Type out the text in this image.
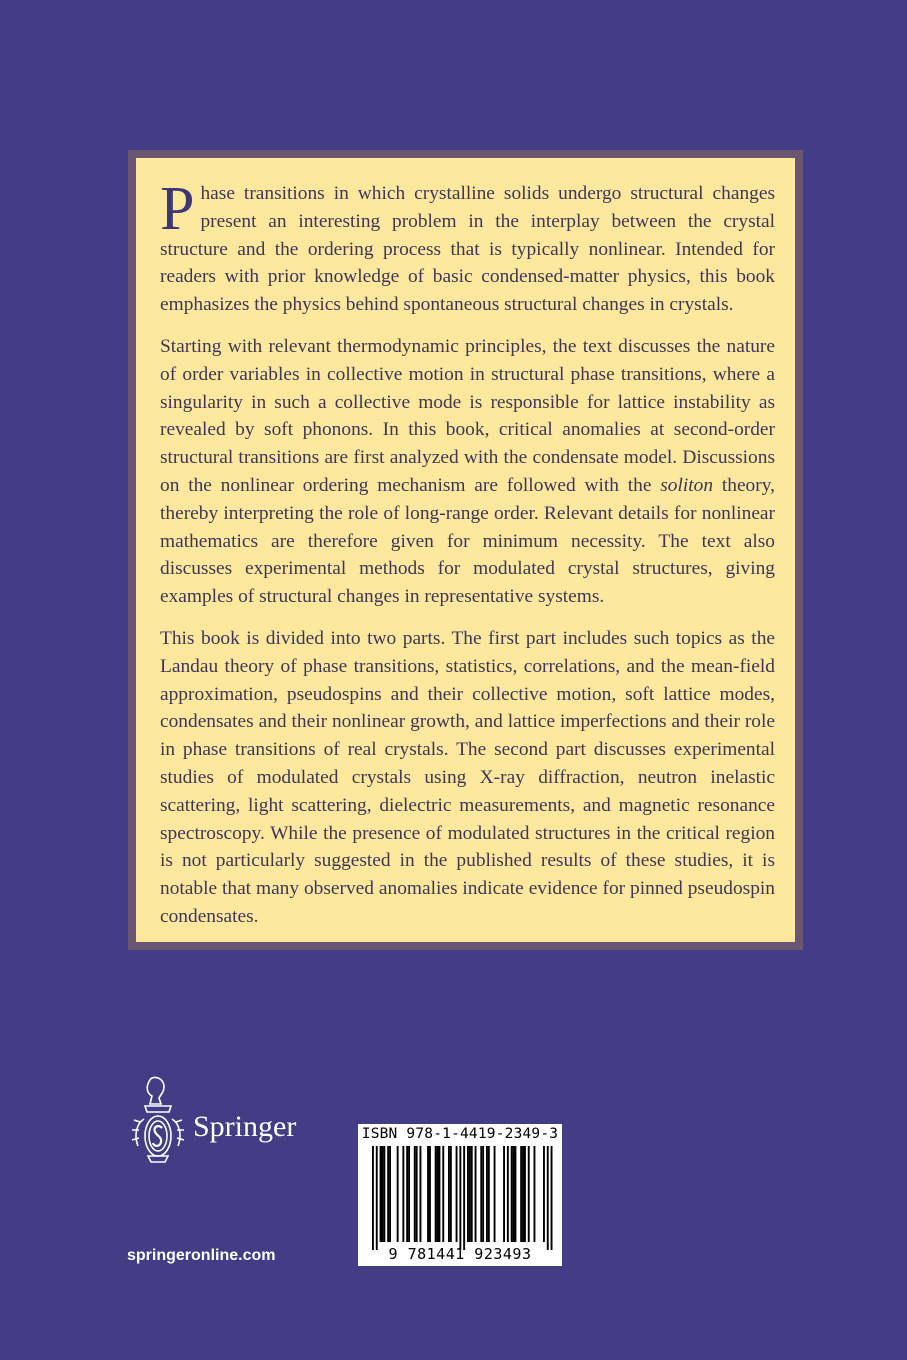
Phase transitions in which crystalline solids undergo structural changes present an interesting problem in the interplay between the crystal structure and the ordering process that is typically nonlinear. Intended for readers with prior knowledge of basic condensed-matter physics, this book emphasizes the physics behind spontaneous structural changes in crystals.

Starting with relevant thermodynamic principles, the text discusses the nature of order variables in collective motion in structural phase transitions, where a singularity in such a collective mode is responsible for lattice instability as revealed by soft phonons. In this book, critical anomalies at second-order structural transitions are first analyzed with the condensate model. Discussions on the nonlinear ordering mechanism are followed with the soliton theory, thereby interpreting the role of long-range order. Relevant details for nonlinear mathematics are therefore given for minimum necessity. The text also discusses experimental methods for modulated crystal structures, giving examples of structural changes in representative systems.

This book is divided into two parts. The first part includes such topics as the Landau theory of phase transitions, statistics, correlations, and the mean-field approximation, pseudospins and their collective motion, soft lattice modes, condensates and their nonlinear growth, and lattice imperfections and their role in phase transitions of real crystals. The second part discusses experimental studies of modulated crystals using X-ray diffraction, neutron inelastic scattering, light scattering, dielectric measurements, and magnetic resonance spectroscopy. While the presence of modulated structures in the critical region is not particularly suggested in the published results of these studies, it is notable that many observed anomalies indicate evidence for pinned pseudospin condensates.

Springer
springeronline.com
ISBN 978-1-4419-2349-3
9 781441 923493
